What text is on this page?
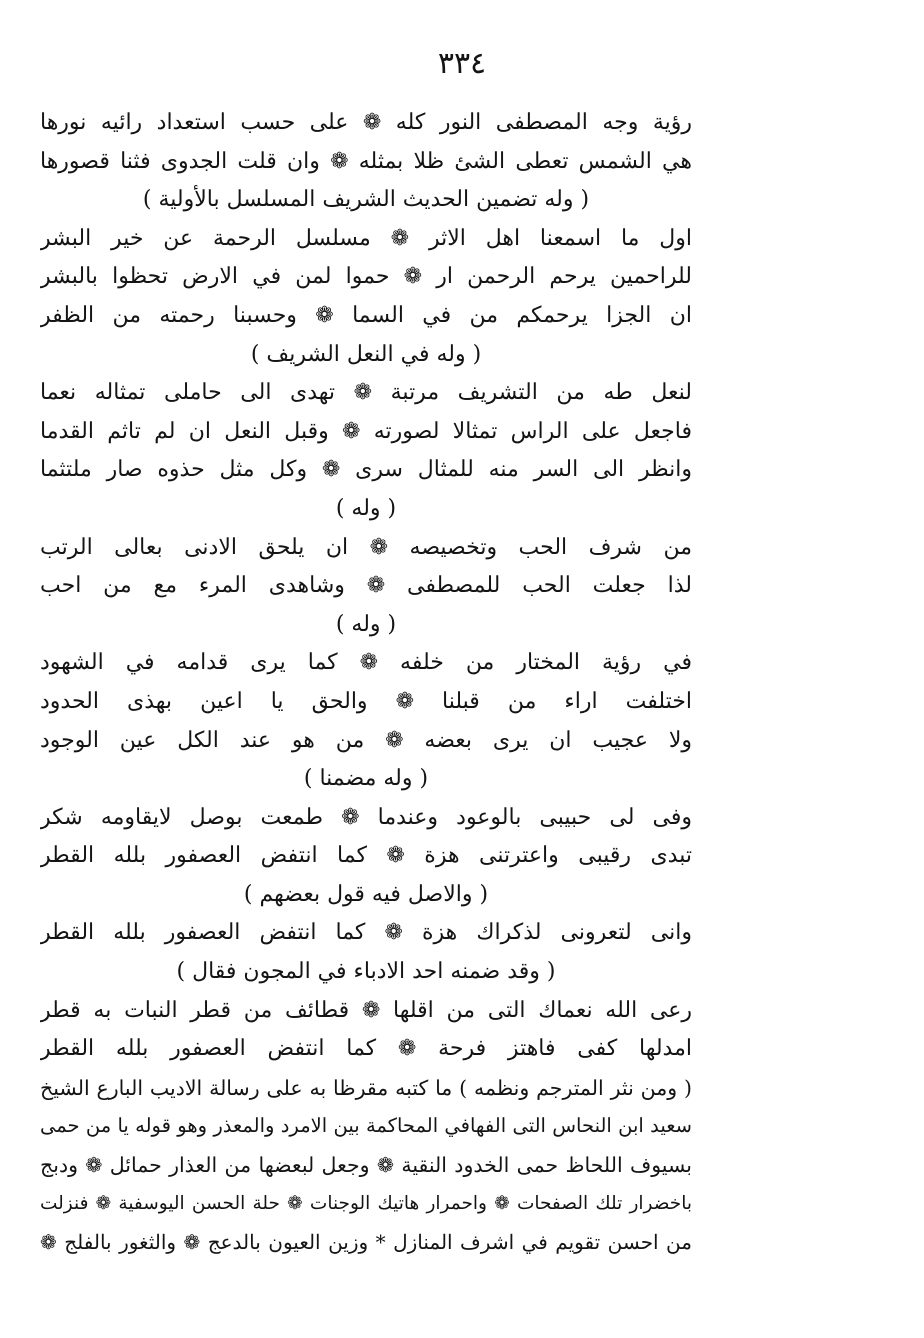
٣٣٤
رؤية وجه المصطفى النور كله ❁ على حسب استعداد رائيه نورها
هي الشمس تعطى الشئ ظلا بمثله ❁ وان قلت الجدوى فثنا قصورها
( وله تضمين الحديث الشريف المسلسل بالأولية )
اول ما اسمعنا اهل الاثر ❁ مسلسل الرحمة عن خير البشر
للراحمين يرحم الرحمن ار ❁ حموا لمن في الارض تحظوا بالبشر
ان الجزا يرحمكم من في السما ❁ وحسبنا رحمته من الظفر
( وله في النعل الشريف )
لنعل طه من التشريف مرتبة ❁ تهدى الى حاملى تمثاله نعما
فاجعل على الراس تمثالا لصورته ❁ وقبل النعل ان لم تاثم القدما
وانظر الى السر منه للمثال سرى ❁ وكل مثل حذوه صار ملتثما
( وله )
من شرف الحب وتخصيصه ❁ ان يلحق الادنى بعالى الرتب
لذا جعلت الحب للمصطفى ❁ وشاهدى المرء مع من احب
( وله )
في رؤية المختار من خلفه ❁ كما يرى قدامه في الشهود
اختلفت اراء من قبلنا ❁ والحق يا اعين بهذى الحدود
ولا عجيب ان يرى بعضه ❁ من هو عند الكل عين الوجود
( وله مضمنا )
وفى لى حبيبى بالوعود وعندما ❁ طمعت بوصل لايقاومه شكر
تبدى رقيبى واعترتنى هزة ❁ كما انتفض العصفور بلله القطر
( والاصل فيه قول بعضهم )
وانى لتعرونى لذكراك هزة ❁ كما انتفض العصفور بلله القطر
( وقد ضمنه احد الادباء في المجون فقال )
رعى الله نعماك التى من اقلها ❁ قطائف من قطر النبات به قطر
امدلها كفى فاهتز فرحة ❁ كما انتفض العصفور بلله القطر
( ومن نثر المترجم ونظمه ) ما كتبه مقرظا به على رسالة الاديب البارع الشيخ
سعيد ابن النحاس التى الفهافي المحاكمة بين الامرد والمعذر وهو قوله يا من حمى
بسيوف اللحاظ حمى الخدود النقية ❁ وجعل لبعضها من العذار حمائل ❁ ودبج
باخضرار تلك الصفحات ❁ واحمرار هاتيك الوجنات ❁ حلة الحسن اليوسفية ❁ فنزلت
من احسن تقويم في اشرف المنازل * وزين العيون بالدعج ❁ والثغور بالفلج ❁
